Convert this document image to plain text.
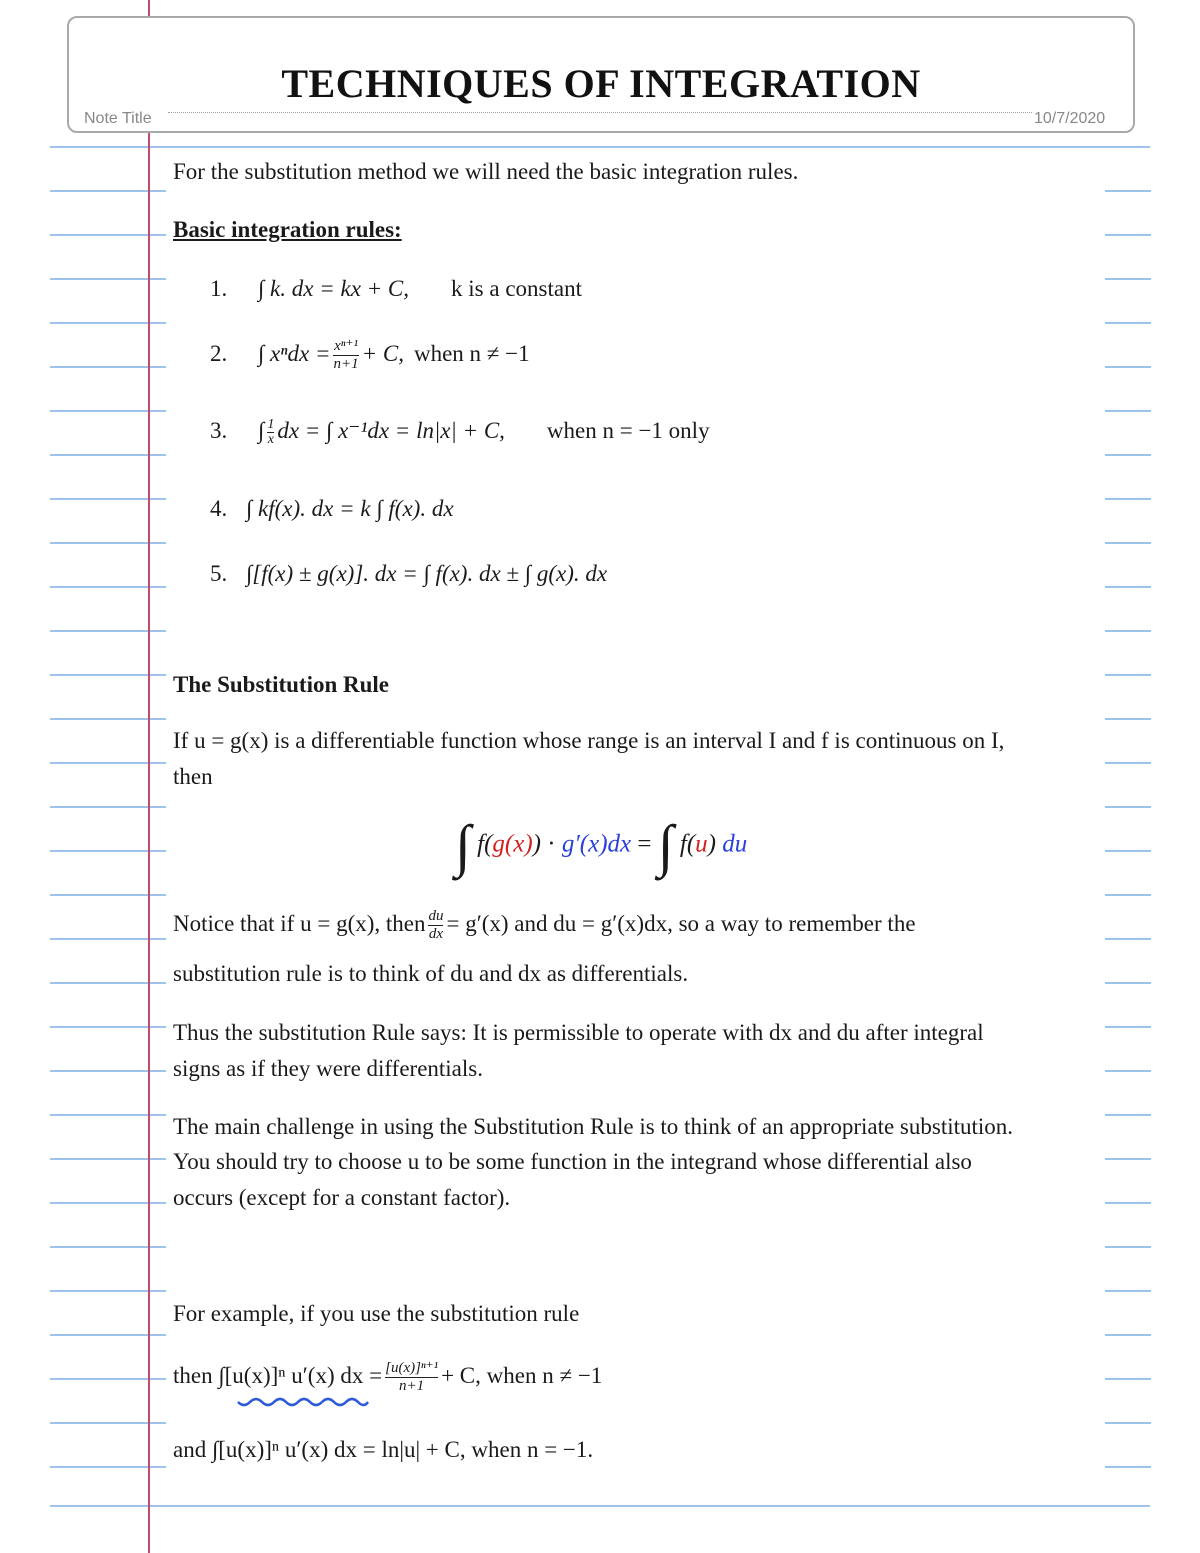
TECHNIQUES OF INTEGRATION
Note Title	10/7/2020
For the substitution method we will need the basic integration rules.
Basic integration rules:
1. ∫ k. dx = kx + C, k is a constant
2. ∫ $x^ndx = \frac{\text{xⁿ⁺¹}}{n+1} + C$, when n ≠ −1
3. ∫ $\frac{1}{x}$ dx = ∫ x⁻¹dx = ln|x| + C, when n = −1 only
4. ∫ kf(x). dx = k ∫ f(x). dx
5. ∫[f(x) ± g(x)]. dx = ∫ f(x). dx ± ∫ g(x). dx
The Substitution Rule
If u = g(x) is a differentiable function whose range is an interval I and f is continuous on I,
then
∫ f(g(x)) · g′(x)dx = ∫ f(u) du
Notice that if u = g(x), then $\frac{du}{dx} = g'(x)$ and du = g′(x)dx, so a way to remember the
substitution rule is to think of du and dx as differentials.
Thus the substitution Rule says: It is permissible to operate with dx and du after integral
signs as if they were differentials.
The main challenge in using the Substitution Rule is to think of an appropriate substitution.
You should try to choose u to be some function in the integrand whose differential also
occurs (except for a constant factor).
For example, if you use the substitution rule
then ∫[u(x)]ⁿ u′(x) dx = $\frac{\text{[u(x)]ⁿ⁺¹}}{n+1} + C$, when n ≠ −1
and ∫[u(x)]ⁿ u′(x) dx = ln|u| + C, when n = −1.
